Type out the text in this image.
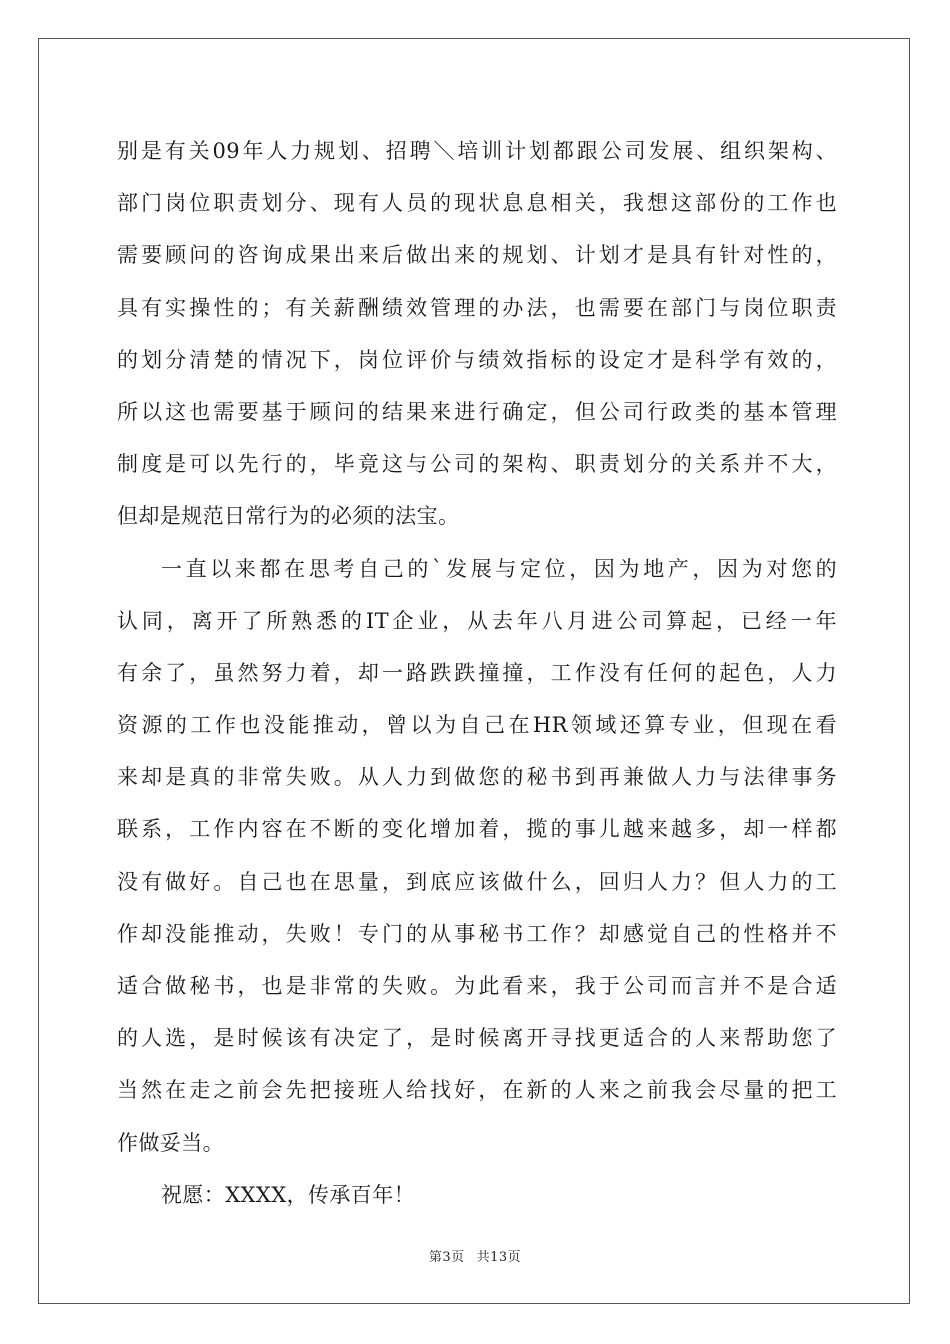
别是有关09年人力规划、招聘＼培训计划都跟公司发展、组织架构、
部门岗位职责划分、现有人员的现状息息相关，我想这部份的工作也
需要顾问的咨询成果出来后做出来的规划、计划才是具有针对性的，
具有实操性的；有关薪酬绩效管理的办法，也需要在部门与岗位职责
的划分清楚的情况下，岗位评价与绩效指标的设定才是科学有效的，
所以这也需要基于顾问的结果来进行确定，但公司行政类的基本管理
制度是可以先行的，毕竟这与公司的架构、职责划分的关系并不大，
但却是规范日常行为的必须的法宝。
一直以来都在思考自己的`发展与定位，因为地产，因为对您的
认同，离开了所熟悉的IT企业，从去年八月进公司算起，已经一年
有余了，虽然努力着，却一路跌跌撞撞，工作没有任何的起色，人力
资源的工作也没能推动，曾以为自己在HR领域还算专业，但现在看
来却是真的非常失败。从人力到做您的秘书到再兼做人力与法律事务
联系，工作内容在不断的变化增加着，揽的事儿越来越多，却一样都
没有做好。自己也在思量，到底应该做什么，回归人力？但人力的工
作却没能推动，失败！专门的从事秘书工作？却感觉自己的性格并不
适合做秘书，也是非常的失败。为此看来，我于公司而言并不是合适
的人选，是时候该有决定了，是时候离开寻找更适合的人来帮助您了
当然在走之前会先把接班人给找好，在新的人来之前我会尽量的把工
作做妥当。
祝愿：XXXX，传承百年！
第3页 共13页
